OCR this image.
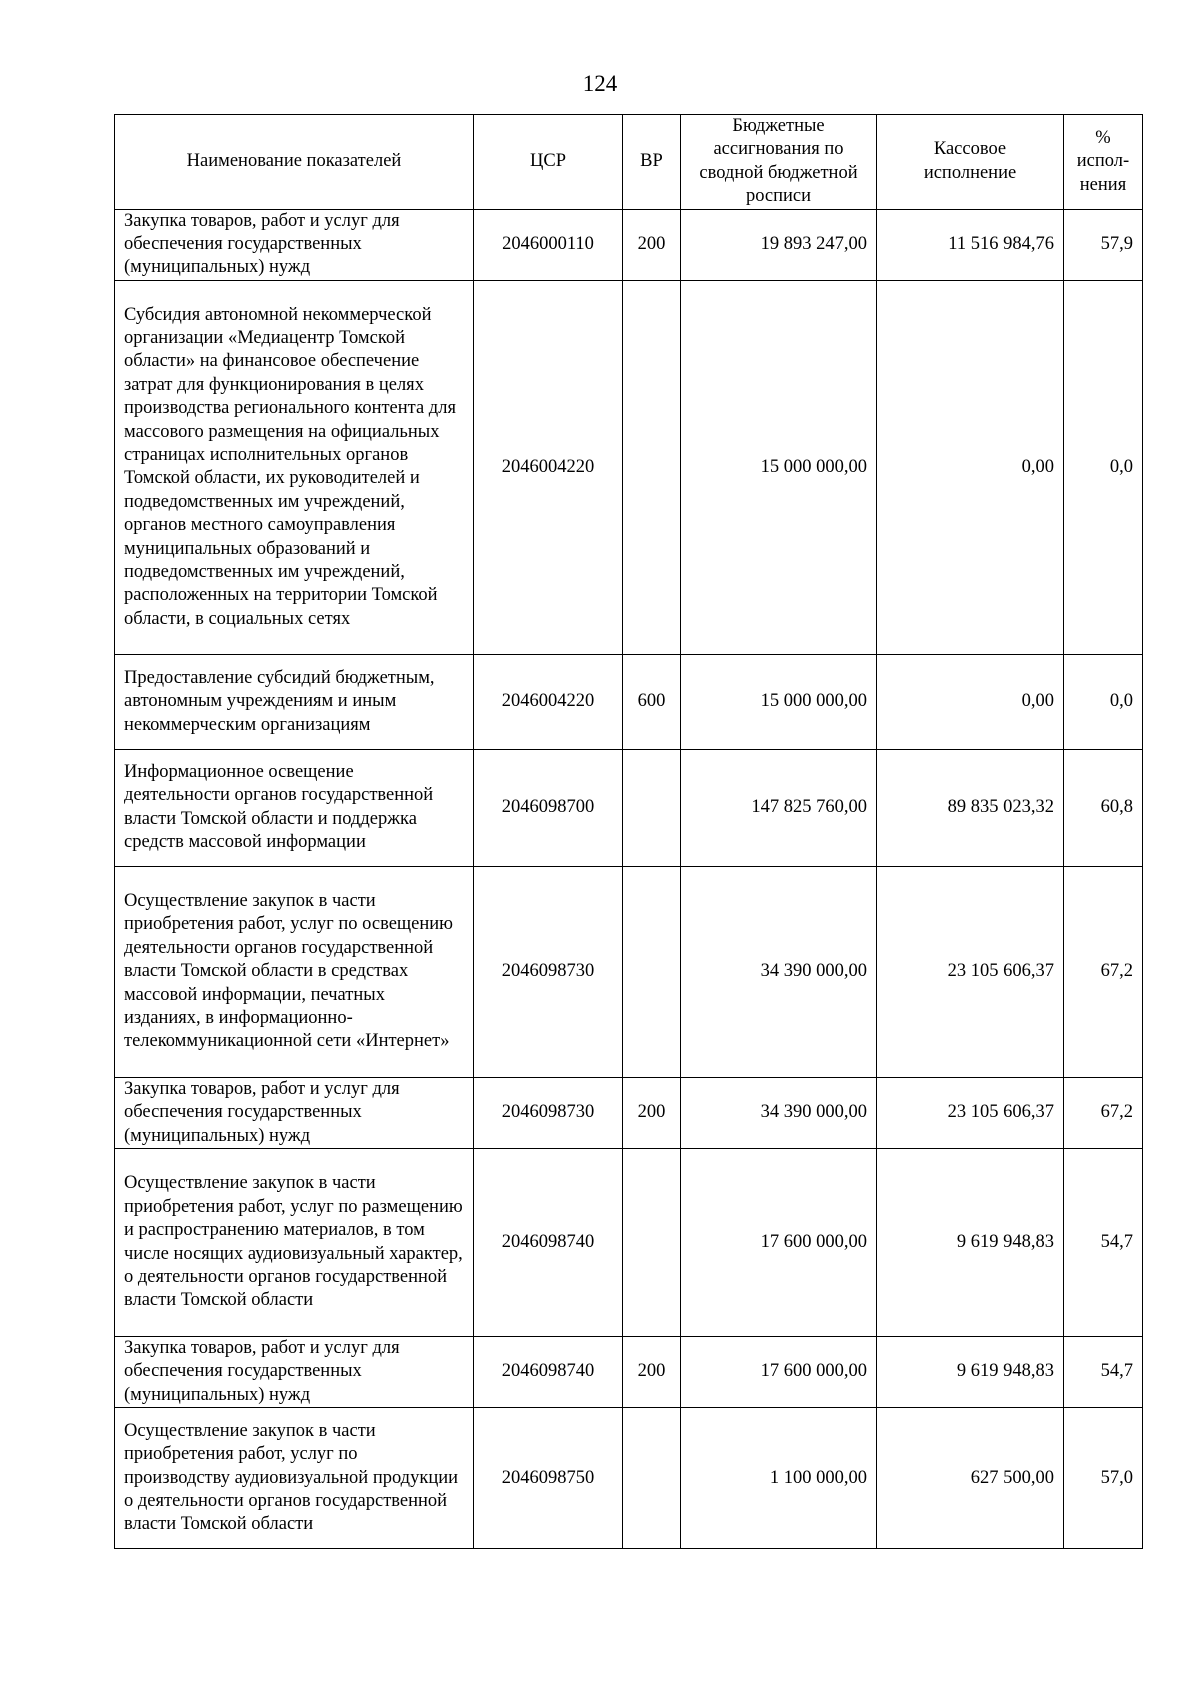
124
Наименование показателей	ЦСР	ВР	Бюджетные ассигнования по сводной бюджетной росписи	Кассовое исполнение	% испол-нения
Закупка товаров, работ и услуг для обеспечения государственных (муниципальных) нужд	2046000110	200	19 893 247,00	11 516 984,76	57,9
Субсидия автономной некоммерческой организации «Медиацентр Томской области» на финансовое обеспечение затрат для функционирования в целях производства регионального контента для массового размещения на официальных страницах исполнительных органов Томской области, их руководителей и подведомственных им учреждений, органов местного самоуправления муниципальных образований и подведомственных им учреждений, расположенных на территории Томской области, в социальных сетях	2046004220		15 000 000,00	0,00	0,0
Предоставление субсидий бюджетным, автономным учреждениям и иным некоммерческим организациям	2046004220	600	15 000 000,00	0,00	0,0
Информационное освещение деятельности органов государственной власти Томской области и поддержка средств массовой информации	2046098700		147 825 760,00	89 835 023,32	60,8
Осуществление закупок в части приобретения работ, услуг по освещению деятельности органов государственной власти Томской области в средствах массовой информации, печатных изданиях, в информационно-телекоммуникационной сети «Интернет»	2046098730		34 390 000,00	23 105 606,37	67,2
Закупка товаров, работ и услуг для обеспечения государственных (муниципальных) нужд	2046098730	200	34 390 000,00	23 105 606,37	67,2
Осуществление закупок в части приобретения работ, услуг по размещению и распространению материалов, в том числе носящих аудиовизуальный характер, о деятельности органов государственной власти Томской области	2046098740		17 600 000,00	9 619 948,83	54,7
Закупка товаров, работ и услуг для обеспечения государственных (муниципальных) нужд	2046098740	200	17 600 000,00	9 619 948,83	54,7
Осуществление закупок в части приобретения работ, услуг по производству аудиовизуальной продукции о деятельности органов государственной власти Томской области	2046098750		1 100 000,00	627 500,00	57,0
